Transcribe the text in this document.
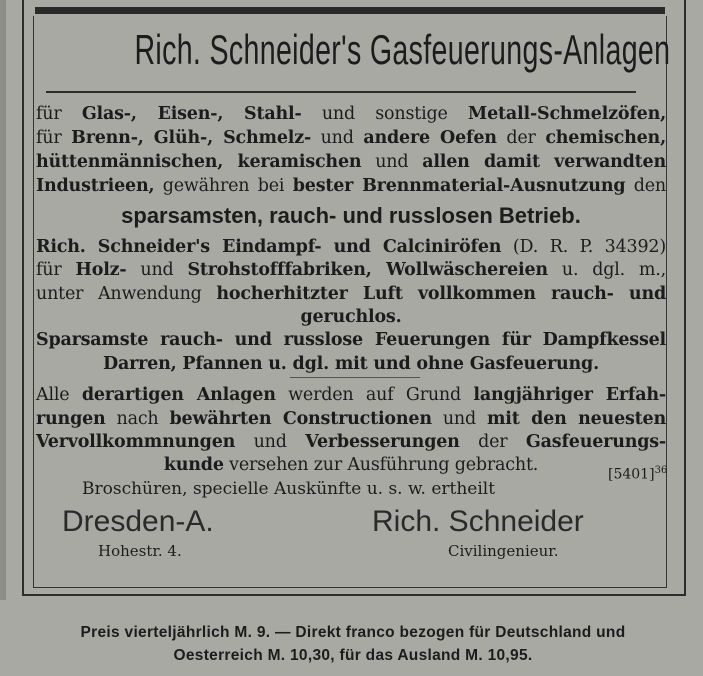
Rich. Schneider's Gasfeuerungs-Anlagen
für Glas-, Eisen-, Stahl- und sonstige Metall-Schmelzöfen,
für Brenn-, Glüh-, Schmelz- und andere Oefen der chemischen,
hüttenmännischen, keramischen und allen damit verwandten
Industrieen, gewähren bei bester Brennmaterial-Ausnutzung den
sparsamsten, rauch- und russlosen Betrieb.
Rich. Schneider's Eindampf- und Calciniröfen (D. R. P. 34392)
für Holz- und Strohstofffabriken, Wollwäschereien u. dgl. m.,
unter Anwendung hocherhitzter Luft vollkommen rauch- und
geruchlos.
Sparsamste rauch- und russlose Feuerungen für Dampfkessel
Darren, Pfannen u. dgl. mit und ohne Gasfeuerung.
Alle derartigen Anlagen werden auf Grund langjähriger Erfah-
rungen nach bewährten Constructionen und mit den neuesten
Vervollkommnungen und Verbesserungen der Gasfeuerungs-
kunde versehen zur Ausführung gebracht.
Broschüren, specielle Auskünfte u. s. w. ertheilt
$[5401]^{36}$
Dresden-A.
Hohestr. 4.
Rich. Schneider
Civilingenieur.
Preis vierteljährlich M. 9. — Direkt franco bezogen für Deutschland und
Oesterreich M. 10,30, für das Ausland M. 10,95.
